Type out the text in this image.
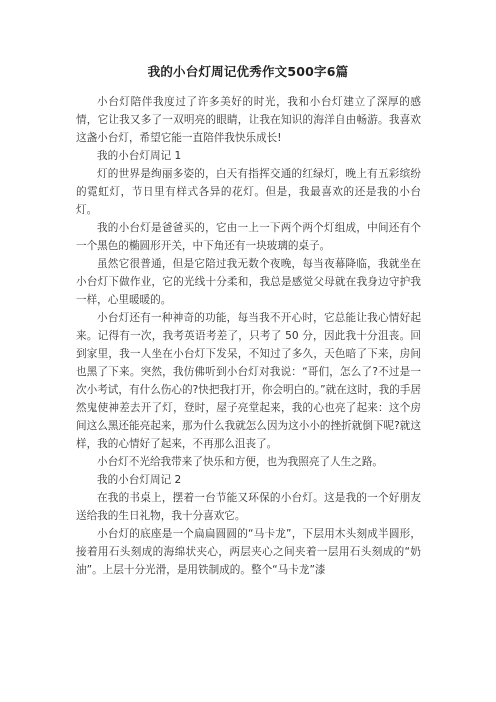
我的小台灯周记优秀作文500字6篇

小台灯陪伴我度过了许多美好的时光，我和小台灯建立了深厚的感情，它让我又多了一双明亮的眼睛，让我在知识的海洋自由畅游。我喜欢这盏小台灯，希望它能一直陪伴我快乐成长!

我的小台灯周记 1

灯的世界是绚丽多姿的，白天有指挥交通的红绿灯，晚上有五彩缤纷的霓虹灯，节日里有样式各异的花灯。但是，我最喜欢的还是我的小台灯。

我的小台灯是爸爸买的，它由一上一下两个两个灯组成，中间还有个一个黑色的椭圆形开关，中下角还有一块玻璃的桌子。

虽然它很普通，但是它陪过我无数个夜晚，每当夜幕降临，我就坐在小台灯下做作业，它的光线十分柔和，我总是感觉父母就在我身边守护我一样，心里暖暖的。

小台灯还有一种神奇的功能，每当我不开心时，它总能让我心情好起来。记得有一次，我考英语考差了，只考了 50 分，因此我十分沮丧。回到家里，我一人坐在小台灯下发呆，不知过了多久，天色暗了下来，房间也黑了下来。突然，我仿佛听到小台灯对我说：“哥们，怎么了?不过是一次小考试，有什么伤心的?快把我打开，你会明白的。”就在这时，我的手居然鬼使神差去开了灯，登时，屋子亮堂起来，我的心也亮了起来：这个房间这么黑还能亮起来，那为什么我就怎么因为这小小的挫折就倒下呢?就这样，我的心情好了起来，不再那么沮丧了。

小台灯不光给我带来了快乐和方便，也为我照亮了人生之路。

我的小台灯周记 2

在我的书桌上，摆着一台节能又环保的小台灯。这是我的一个好朋友送给我的生日礼物，我十分喜欢它。

小台灯的底座是一个扁扁圆圆的“马卡龙”，下层用木头刻成半圆形，接着用石头刻成的海绵状夹心，两层夹心之间夹着一层用石头刻成的“奶油”。上层十分光滑，是用铁制成的。整个“马卡龙”漆
